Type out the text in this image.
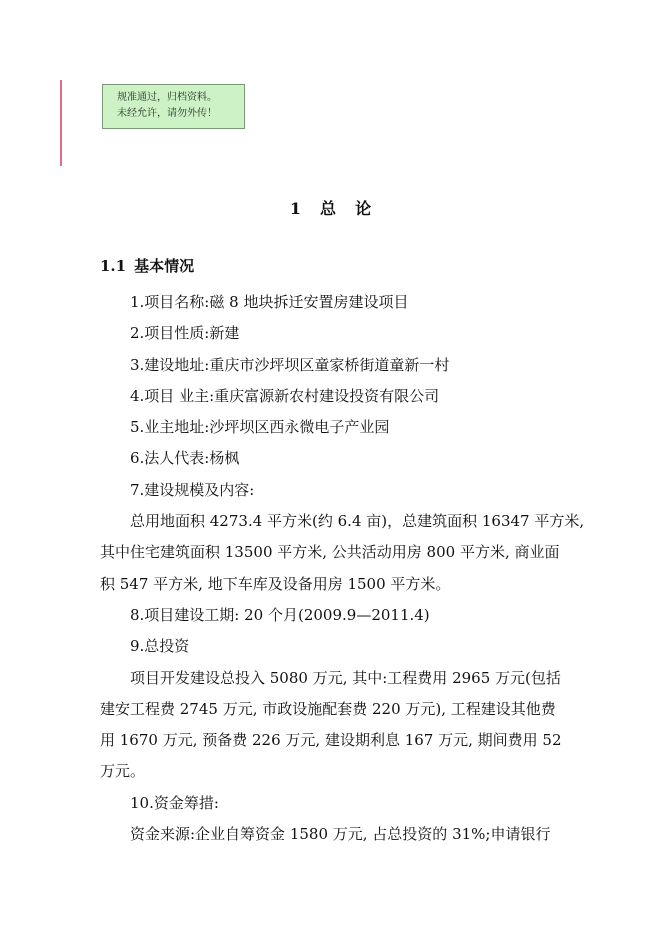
规准通过，归档资料。
未经允许，请勿外传！
1 总 论
1.1 基本情况
1.项目名称:磁 8 地块拆迁安置房建设项目
2.项目性质:新建
3.建设地址:重庆市沙坪坝区童家桥街道童新一村
4.项目 业主:重庆富源新农村建设投资有限公司
5.业主地址:沙坪坝区西永微电子产业园
6.法人代表:杨枫
7.建设规模及内容:
总用地面积 4273.4 平方米(约 6.4 亩)，总建筑面积 16347 平方米,
其中住宅建筑面积 13500 平方米, 公共活动用房 800 平方米, 商业面
积 547 平方米, 地下车库及设备用房 1500 平方米。
8.项目建设工期: 20 个月(2009.9—2011.4)
9.总投资
项目开发建设总投入 5080 万元, 其中:工程费用 2965 万元(包括
建安工程费 2745 万元, 市政设施配套费 220 万元), 工程建设其他费
用 1670 万元, 预备费 226 万元, 建设期利息 167 万元, 期间费用 52
万元。
10.资金筹措:
资金来源:企业自筹资金 1580 万元, 占总投资的 31%;申请银行
